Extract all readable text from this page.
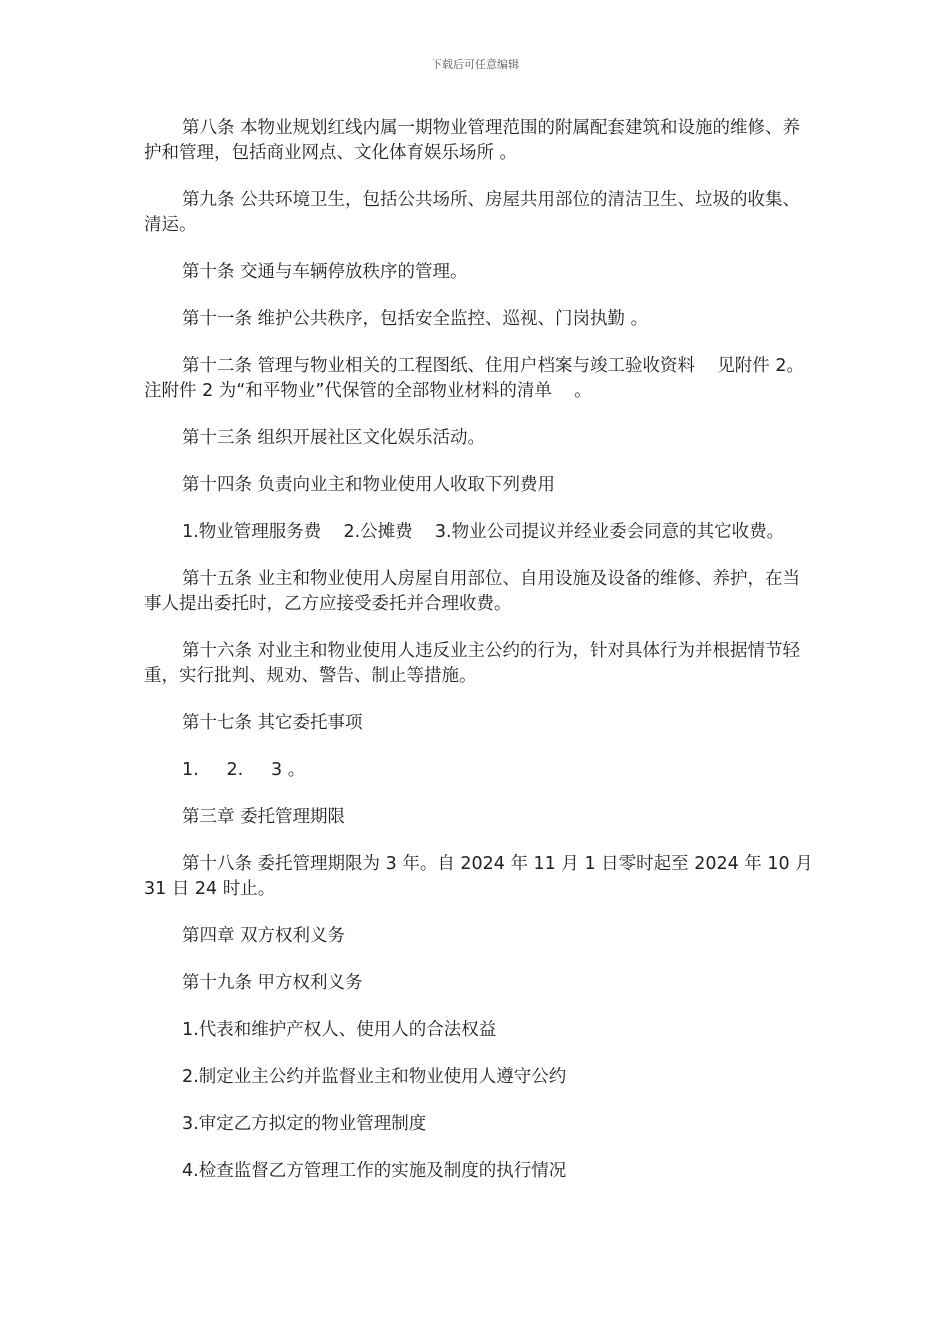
下载后可任意编辑

第八条 本物业规划红线内属一期物业管理范围的附属配套建筑和设施的维修、养护和管理，包括商业网点、文化体育娱乐场所 。

第九条 公共环境卫生，包括公共场所、房屋共用部位的清洁卫生、垃圾的收集、清运。

第十条 交通与车辆停放秩序的管理。

第十一条 维护公共秩序，包括安全监控、巡视、门岗执勤 。

第十二条 管理与物业相关的工程图纸、住用户档案与竣工验收资料    见附件 2。注附件 2 为“和平物业”代保管的全部物业材料的清单    。

第十三条 组织开展社区文化娱乐活动。

第十四条 负责向业主和物业使用人收取下列费用

1.物业管理服务费    2.公摊费    3.物业公司提议并经业委会同意的其它收费。

第十五条 业主和物业使用人房屋自用部位、自用设施及设备的维修、养护，在当事人提出委托时，乙方应接受委托并合理收费。

第十六条 对业主和物业使用人违反业主公约的行为，针对具体行为并根据情节轻重，实行批判、规劝、警告、制止等措施。

第十七条 其它委托事项

1.     2.     3 。

第三章 委托管理期限

第十八条 委托管理期限为 3 年。自 2024 年 11 月 1 日零时起至 2024 年 10 月 31 日 24 时止。

第四章 双方权利义务

第十九条 甲方权利义务

1.代表和维护产权人、使用人的合法权益

2.制定业主公约并监督业主和物业使用人遵守公约

3.审定乙方拟定的物业管理制度

4.检查监督乙方管理工作的实施及制度的执行情况
